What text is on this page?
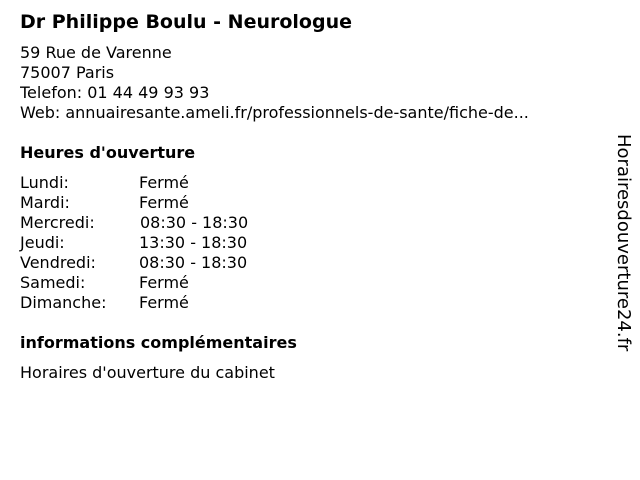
Dr Philippe Boulu - Neurologue
59 Rue de Varenne
75007 Paris
Telefon: 01 44 49 93 93
Web: annuairesante.ameli.fr/professionnels-de-sante/fiche-de...
Heures d'ouverture
Lundi:	Fermé
Mardi:	Fermé
Mercredi:	08:30 - 18:30
Jeudi:	13:30 - 18:30
Vendredi:	08:30 - 18:30
Samedi:	Fermé
Dimanche: Fermé
informations complémentaires
Horaires d'ouverture du cabinet
Horairesdouverture24.fr
